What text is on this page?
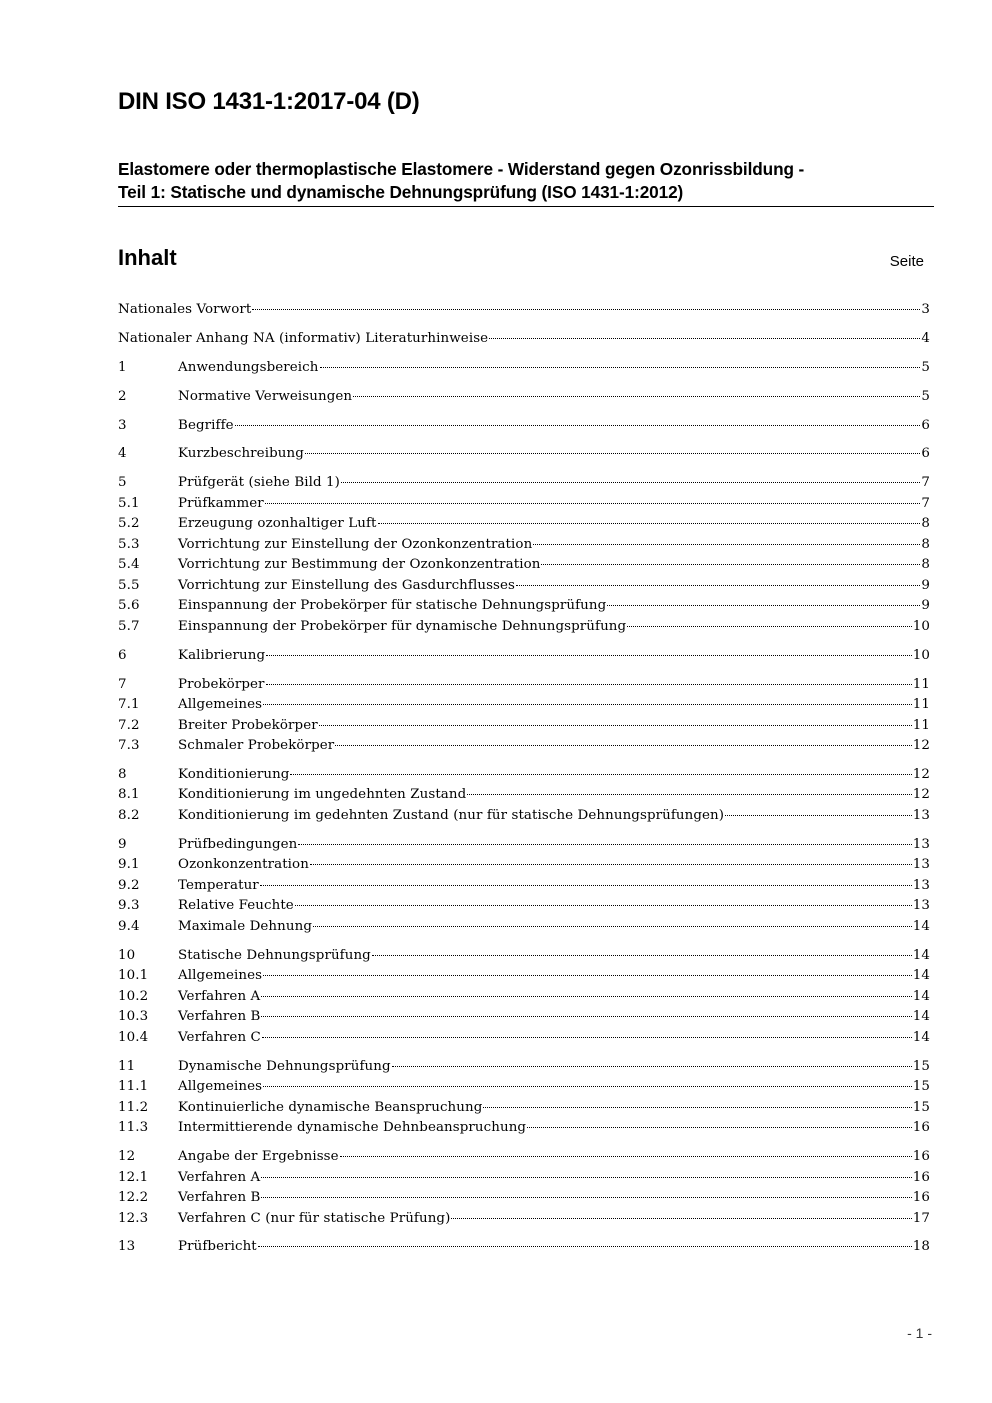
DIN ISO 1431-1:2017-04 (D)
Elastomere oder thermoplastische Elastomere - Widerstand gegen Ozonrissbildung -
Teil 1: Statische und dynamische Dehnungsprüfung (ISO 1431-1:2012)
Inhalt	Seite
Nationales Vorwort	3
Nationaler Anhang NA (informativ) Literaturhinweise	4
1	Anwendungsbereich	5
2	Normative Verweisungen	5
3	Begriffe	6
4	Kurzbeschreibung	6
5	Prüfgerät (siehe Bild 1)	7
5.1	Prüfkammer	7
5.2	Erzeugung ozonhaltiger Luft	8
5.3	Vorrichtung zur Einstellung der Ozonkonzentration	8
5.4	Vorrichtung zur Bestimmung der Ozonkonzentration	8
5.5	Vorrichtung zur Einstellung des Gasdurchflusses	9
5.6	Einspannung der Probekörper für statische Dehnungsprüfung	9
5.7	Einspannung der Probekörper für dynamische Dehnungsprüfung	10
6	Kalibrierung	10
7	Probekörper	11
7.1	Allgemeines	11
7.2	Breiter Probekörper	11
7.3	Schmaler Probekörper	12
8	Konditionierung	12
8.1	Konditionierung im ungedehnten Zustand	12
8.2	Konditionierung im gedehnten Zustand (nur für statische Dehnungsprüfungen)	13
9	Prüfbedingungen	13
9.1	Ozonkonzentration	13
9.2	Temperatur	13
9.3	Relative Feuchte	13
9.4	Maximale Dehnung	14
10	Statische Dehnungsprüfung	14
10.1	Allgemeines	14
10.2	Verfahren A	14
10.3	Verfahren B	14
10.4	Verfahren C	14
11	Dynamische Dehnungsprüfung	15
11.1	Allgemeines	15
11.2	Kontinuierliche dynamische Beanspruchung	15
11.3	Intermittierende dynamische Dehnbeanspruchung	16
12	Angabe der Ergebnisse	16
12.1	Verfahren A	16
12.2	Verfahren B	16
12.3	Verfahren C (nur für statische Prüfung)	17
13	Prüfbericht	18
- 1 -
